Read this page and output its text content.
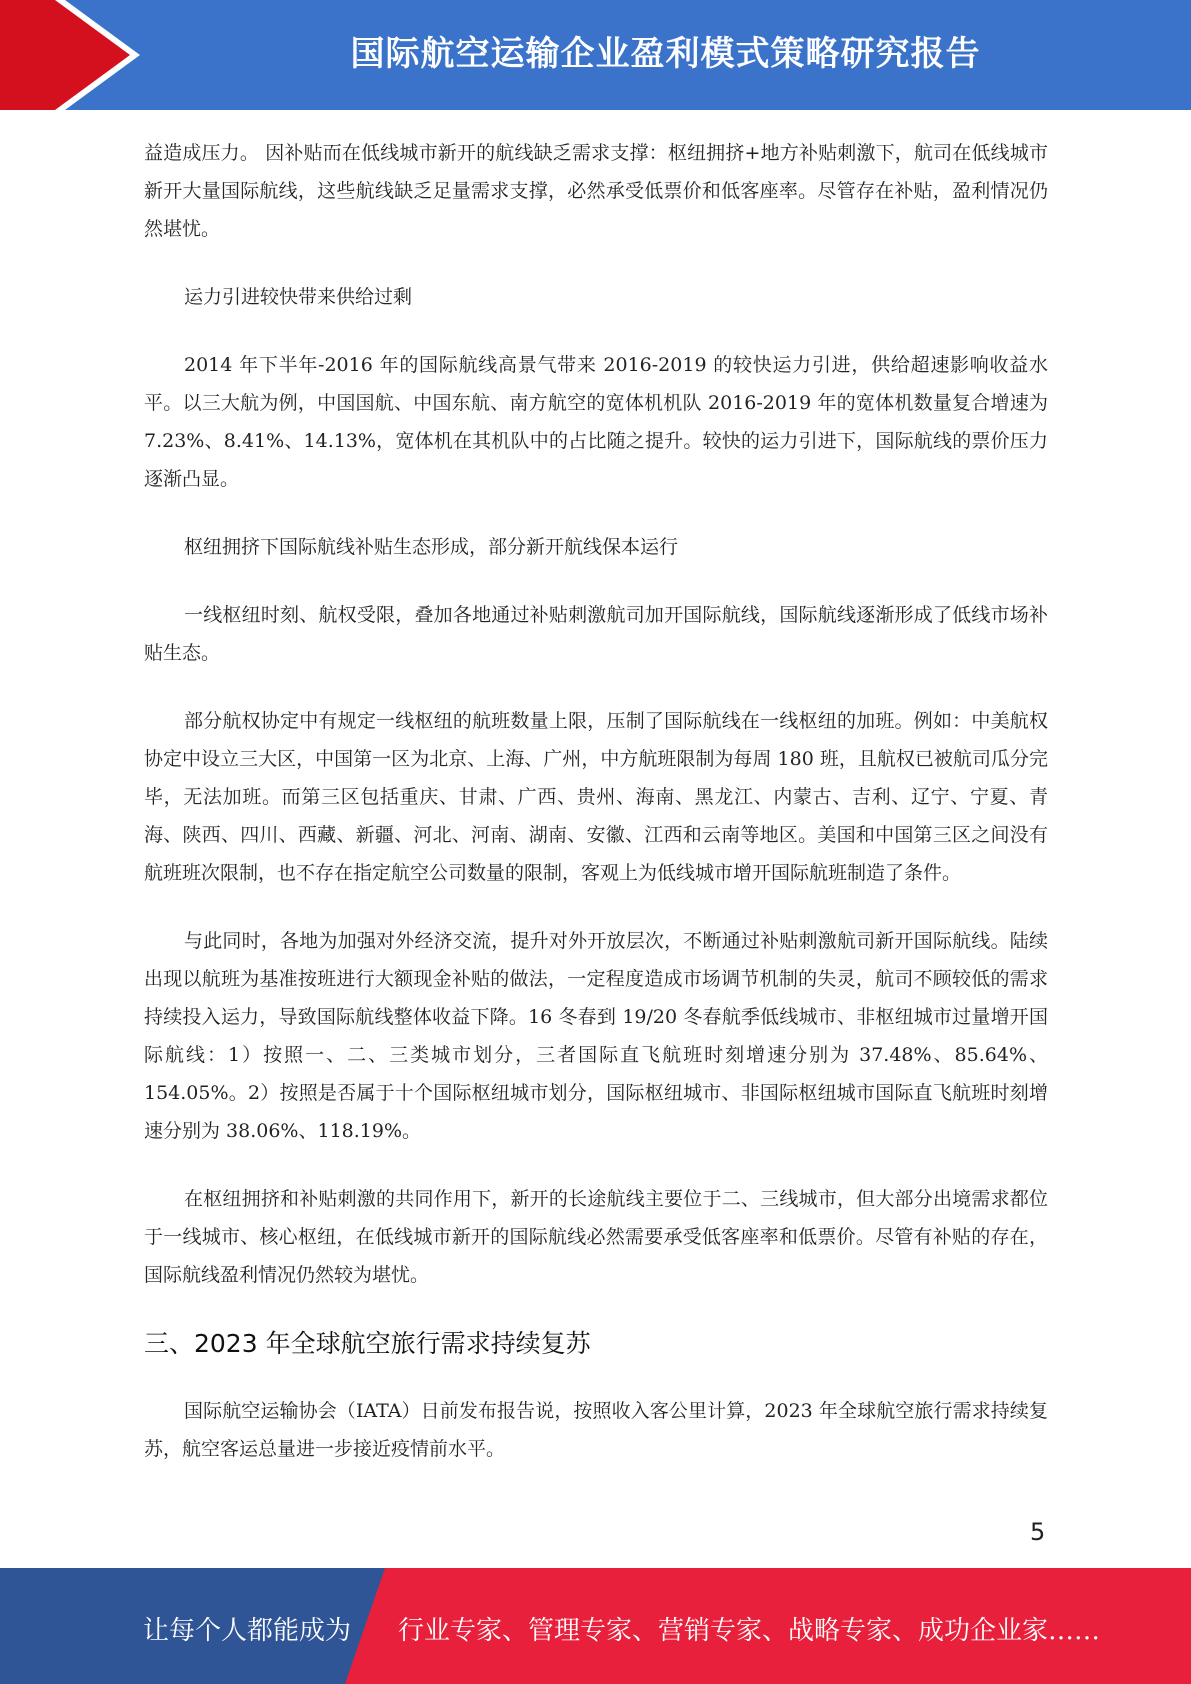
国际航空运输企业盈利模式策略研究报告

益造成压力。 因补贴而在低线城市新开的航线缺乏需求支撑：枢纽拥挤+地方补贴刺激下，航司在低线城市新开大量国际航线，这些航线缺乏足量需求支撑，必然承受低票价和低客座率。尽管存在补贴，盈利情况仍然堪忧。

运力引进较快带来供给过剩

2014 年下半年-2016 年的国际航线高景气带来 2016-2019 的较快运力引进，供给超速影响收益水平。以三大航为例，中国国航、中国东航、南方航空的宽体机机队 2016-2019 年的宽体机数量复合增速为 7.23%、8.41%、14.13%，宽体机在其机队中的占比随之提升。较快的运力引进下，国际航线的票价压力逐渐凸显。

枢纽拥挤下国际航线补贴生态形成，部分新开航线保本运行

一线枢纽时刻、航权受限，叠加各地通过补贴刺激航司加开国际航线，国际航线逐渐形成了低线市场补贴生态。

部分航权协定中有规定一线枢纽的航班数量上限，压制了国际航线在一线枢纽的加班。例如：中美航权协定中设立三大区，中国第一区为北京、上海、广州，中方航班限制为每周 180 班，且航权已被航司瓜分完毕，无法加班。而第三区包括重庆、甘肃、广西、贵州、海南、黑龙江、内蒙古、吉利、辽宁、宁夏、青海、陕西、四川、西藏、新疆、河北、河南、湖南、安徽、江西和云南等地区。美国和中国第三区之间没有航班班次限制，也不存在指定航空公司数量的限制，客观上为低线城市增开国际航班制造了条件。

与此同时，各地为加强对外经济交流，提升对外开放层次，不断通过补贴刺激航司新开国际航线。陆续出现以航班为基准按班进行大额现金补贴的做法，一定程度造成市场调节机制的失灵，航司不顾较低的需求持续投入运力，导致国际航线整体收益下降。16 冬春到 19/20 冬春航季低线城市、非枢纽城市过量增开国际航线：1）按照一、二、三类城市划分，三者国际直飞航班时刻增速分别为 37.48%、85.64%、154.05%。2）按照是否属于十个国际枢纽城市划分，国际枢纽城市、非国际枢纽城市国际直飞航班时刻增速分别为 38.06%、118.19%。

在枢纽拥挤和补贴刺激的共同作用下，新开的长途航线主要位于二、三线城市，但大部分出境需求都位于一线城市、核心枢纽，在低线城市新开的国际航线必然需要承受低客座率和低票价。尽管有补贴的存在，国际航线盈利情况仍然较为堪忧。

三、2023 年全球航空旅行需求持续复苏

国际航空运输协会（IATA）日前发布报告说，按照收入客公里计算，2023 年全球航空旅行需求持续复苏，航空客运总量进一步接近疫情前水平。

5
让每个人都能成为 行业专家、管理专家、营销专家、战略专家、成功企业家……
